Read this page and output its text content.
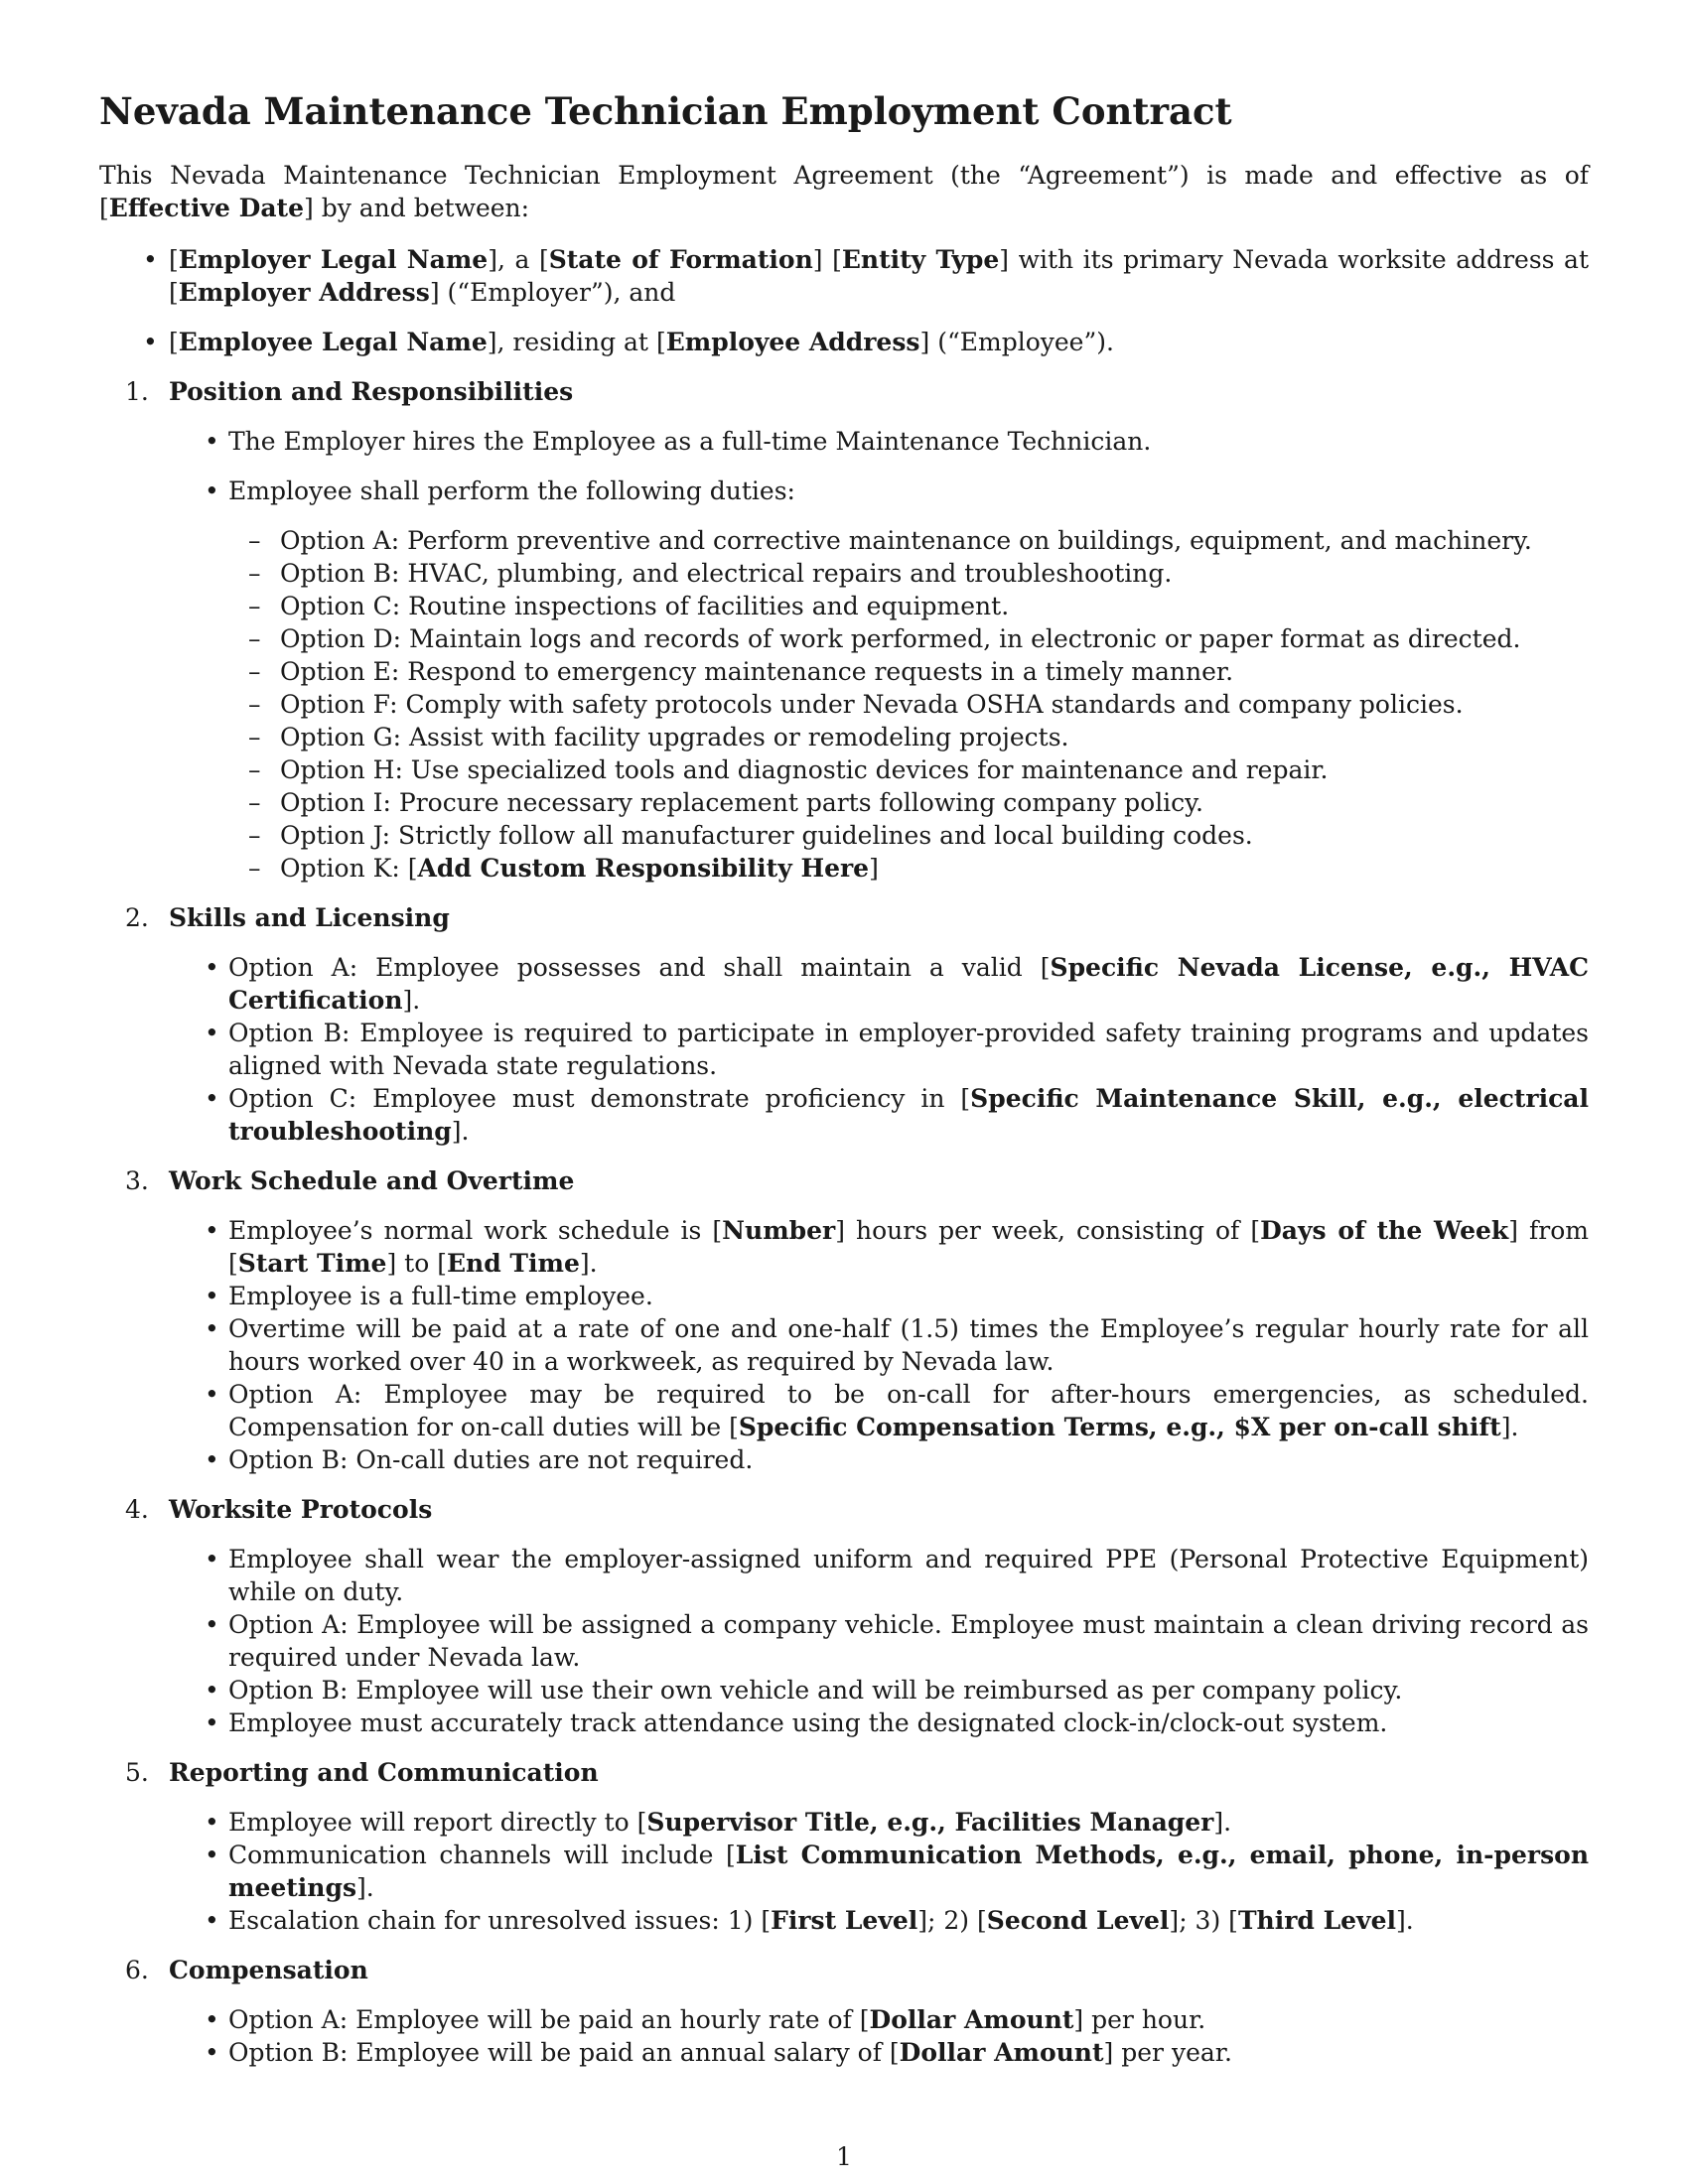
Nevada Maintenance Technician Employment Contract

This Nevada Maintenance Technician Employment Agreement (the “Agreement”) is made and effective as of [Effective Date] by and between:

• [Employer Legal Name], a [State of Formation] [Entity Type] with its primary Nevada worksite address at [Employer Address] (“Employer”), and
• [Employee Legal Name], residing at [Employee Address] (“Employee”).
1. Position and Responsibilities
• The Employer hires the Employee as a full-time Maintenance Technician.
• Employee shall perform the following duties:
– Option A: Perform preventive and corrective maintenance on buildings, equipment, and machinery.
– Option B: HVAC, plumbing, and electrical repairs and troubleshooting.
– Option C: Routine inspections of facilities and equipment.
– Option D: Maintain logs and records of work performed, in electronic or paper format as directed.
– Option E: Respond to emergency maintenance requests in a timely manner.
– Option F: Comply with safety protocols under Nevada OSHA standards and company policies.
– Option G: Assist with facility upgrades or remodeling projects.
– Option H: Use specialized tools and diagnostic devices for maintenance and repair.
– Option I: Procure necessary replacement parts following company policy.
– Option J: Strictly follow all manufacturer guidelines and local building codes.
– Option K: [Add Custom Responsibility Here]
2. Skills and Licensing
• Option A: Employee possesses and shall maintain a valid [Specific Nevada License, e.g., HVAC Certification].
• Option B: Employee is required to participate in employer-provided safety training programs and updates aligned with Nevada state regulations.
• Option C: Employee must demonstrate proficiency in [Specific Maintenance Skill, e.g., electrical troubleshooting].
3. Work Schedule and Overtime
• Employee’s normal work schedule is [Number] hours per week, consisting of [Days of the Week] from [Start Time] to [End Time].
• Employee is a full-time employee.
• Overtime will be paid at a rate of one and one-half (1.5) times the Employee’s regular hourly rate for all hours worked over 40 in a workweek, as required by Nevada law.
• Option A: Employee may be required to be on-call for after-hours emergencies, as scheduled. Compensation for on-call duties will be [Specific Compensation Terms, e.g., $X per on-call shift].
• Option B: On-call duties are not required.
4. Worksite Protocols
• Employee shall wear the employer-assigned uniform and required PPE (Personal Protective Equipment) while on duty.
• Option A: Employee will be assigned a company vehicle. Employee must maintain a clean driving record as required under Nevada law.
• Option B: Employee will use their own vehicle and will be reimbursed as per company policy.
• Employee must accurately track attendance using the designated clock-in/clock-out system.
5. Reporting and Communication
• Employee will report directly to [Supervisor Title, e.g., Facilities Manager].
• Communication channels will include [List Communication Methods, e.g., email, phone, in-person meetings].
• Escalation chain for unresolved issues: 1) [First Level]; 2) [Second Level]; 3) [Third Level].
6. Compensation
• Option A: Employee will be paid an hourly rate of [Dollar Amount] per hour.
• Option B: Employee will be paid an annual salary of [Dollar Amount] per year.
1
